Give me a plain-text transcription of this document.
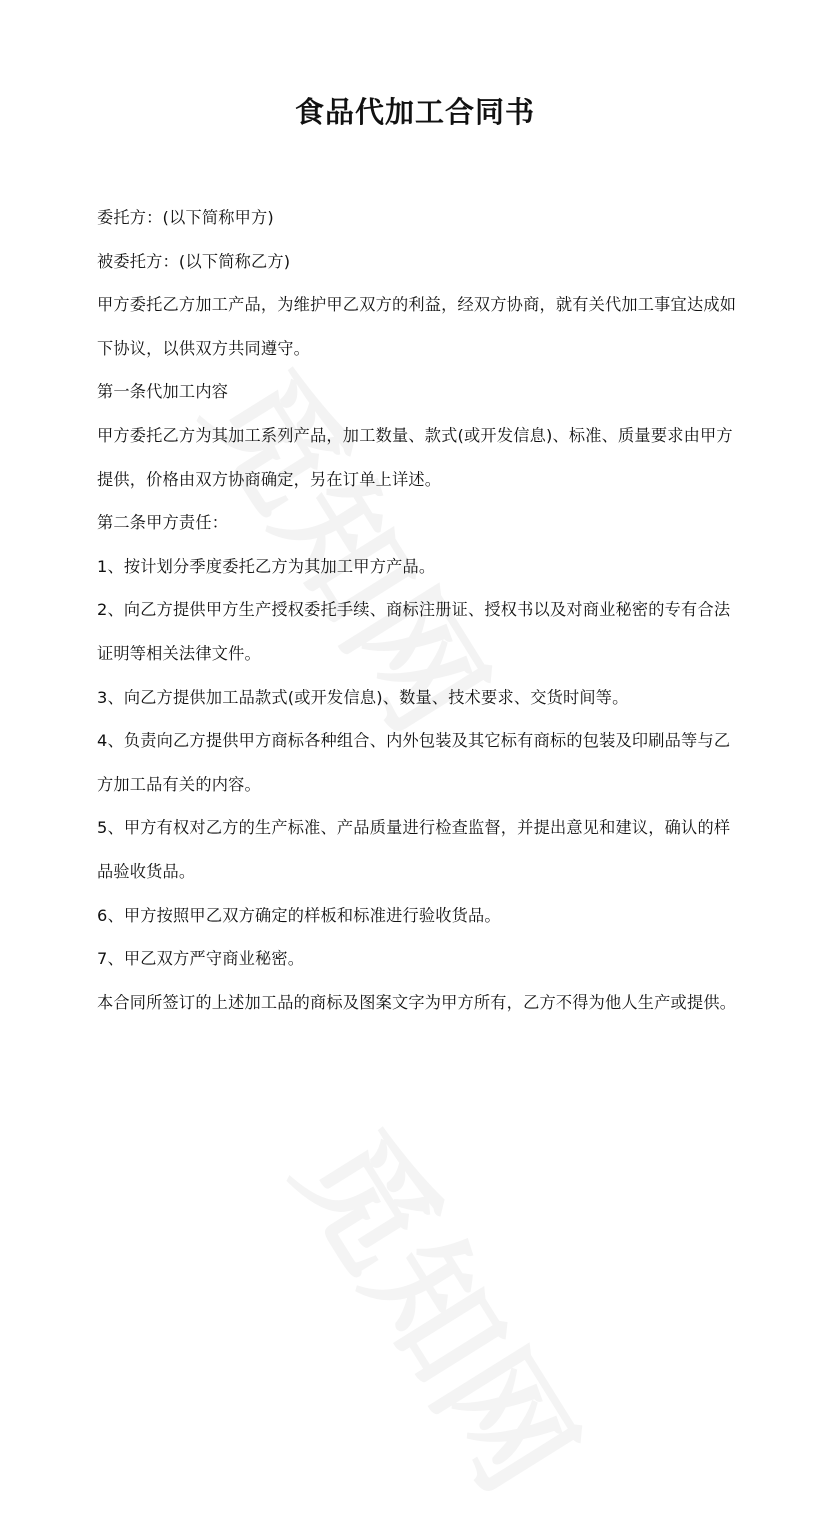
食品代加工合同书

委托方：(以下简称甲方)

被委托方：(以下简称乙方)

甲方委托乙方加工产品，为维护甲乙双方的利益，经双方协商，就有关代加工事宜达成如下协议，以供双方共同遵守。

第一条代加工内容

甲方委托乙方为其加工系列产品，加工数量、款式(或开发信息)、标准、质量要求由甲方提供，价格由双方协商确定，另在订单上详述。

第二条甲方责任：

1、按计划分季度委托乙方为其加工甲方产品。

2、向乙方提供甲方生产授权委托手续、商标注册证、授权书以及对商业秘密的专有合法证明等相关法律文件。

3、向乙方提供加工品款式(或开发信息)、数量、技术要求、交货时间等。

4、负责向乙方提供甲方商标各种组合、内外包装及其它标有商标的包装及印刷品等与乙方加工品有关的内容。

5、甲方有权对乙方的生产标准、产品质量进行检查监督，并提出意见和建议，确认的样品验收货品。

6、甲方按照甲乙双方确定的样板和标准进行验收货品。

7、甲乙双方严守商业秘密。

本合同所签订的上述加工品的商标及图案文字为甲方所有，乙方不得为他人生产或提供。
